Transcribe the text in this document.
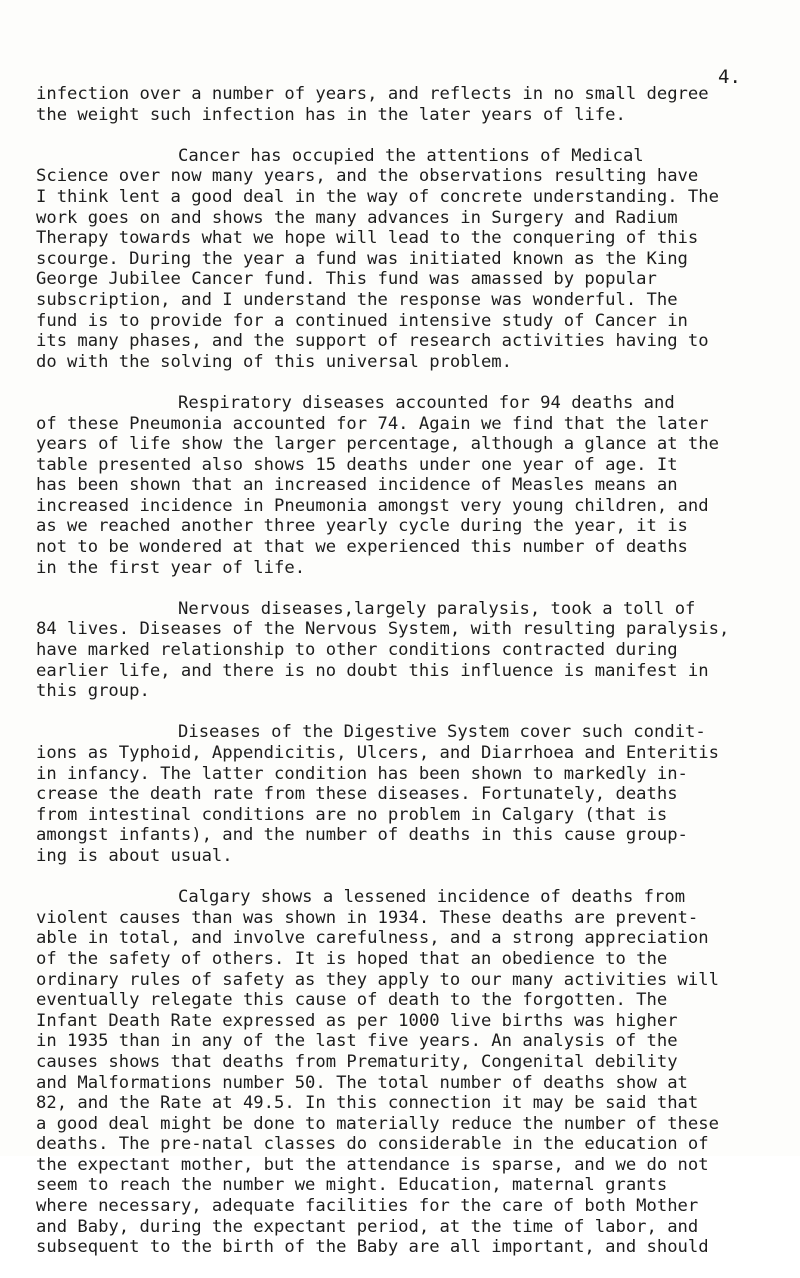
4.
infection over a number of years, and reflects in no small degree
the weight such infection has in the later years of life.
Cancer has occupied the attentions of Medical
Science over now many years, and the observations resulting have
I think lent a good deal in the way of concrete understanding. The
work goes on and shows the many advances in Surgery and Radium
Therapy towards what we hope will lead to the conquering of this
scourge. During the year a fund was initiated known as the King
George Jubilee Cancer fund. This fund was amassed by popular
subscription, and I understand the response was wonderful. The
fund is to provide for a continued intensive study of Cancer in
its many phases, and the support of research activities having to
do with the solving of this universal problem.
Respiratory diseases accounted for 94 deaths and
of these Pneumonia accounted for 74. Again we find that the later
years of life show the larger percentage, although a glance at the
table presented also shows 15 deaths under one year of age. It
has been shown that an increased incidence of Measles means an
increased incidence in Pneumonia amongst very young children, and
as we reached another three yearly cycle during the year, it is
not to be wondered at that we experienced this number of deaths
in the first year of life.
Nervous diseases,largely paralysis, took a toll of
84 lives. Diseases of the Nervous System, with resulting paralysis,
have marked relationship to other conditions contracted during
earlier life, and there is no doubt this influence is manifest in
this group.
Diseases of the Digestive System cover such condit-
ions as Typhoid, Appendicitis, Ulcers, and Diarrhoea and Enteritis
in infancy. The latter condition has been shown to markedly in-
crease the death rate from these diseases. Fortunately, deaths
from intestinal conditions are no problem in Calgary (that is
amongst infants), and the number of deaths in this cause group-
ing is about usual.
Calgary shows a lessened incidence of deaths from
violent causes than was shown in 1934. These deaths are prevent-
able in total, and involve carefulness, and a strong appreciation
of the safety of others. It is hoped that an obedience to the
ordinary rules of safety as they apply to our many activities will
eventually relegate this cause of death to the forgotten. The
Infant Death Rate expressed as per 1000 live births was higher
in 1935 than in any of the last five years. An analysis of the
causes shows that deaths from Prematurity, Congenital debility
and Malformations number 50. The total number of deaths show at
82, and the Rate at 49.5. In this connection it may be said that
a good deal might be done to materially reduce the number of these
deaths. The pre-natal classes do considerable in the education of
the expectant mother, but the attendance is sparse, and we do not
seem to reach the number we might. Education, maternal grants
where necessary, adequate facilities for the care of both Mother
and Baby, during the expectant period, at the time of labor, and
subsequent to the birth of the Baby are all important, and should
